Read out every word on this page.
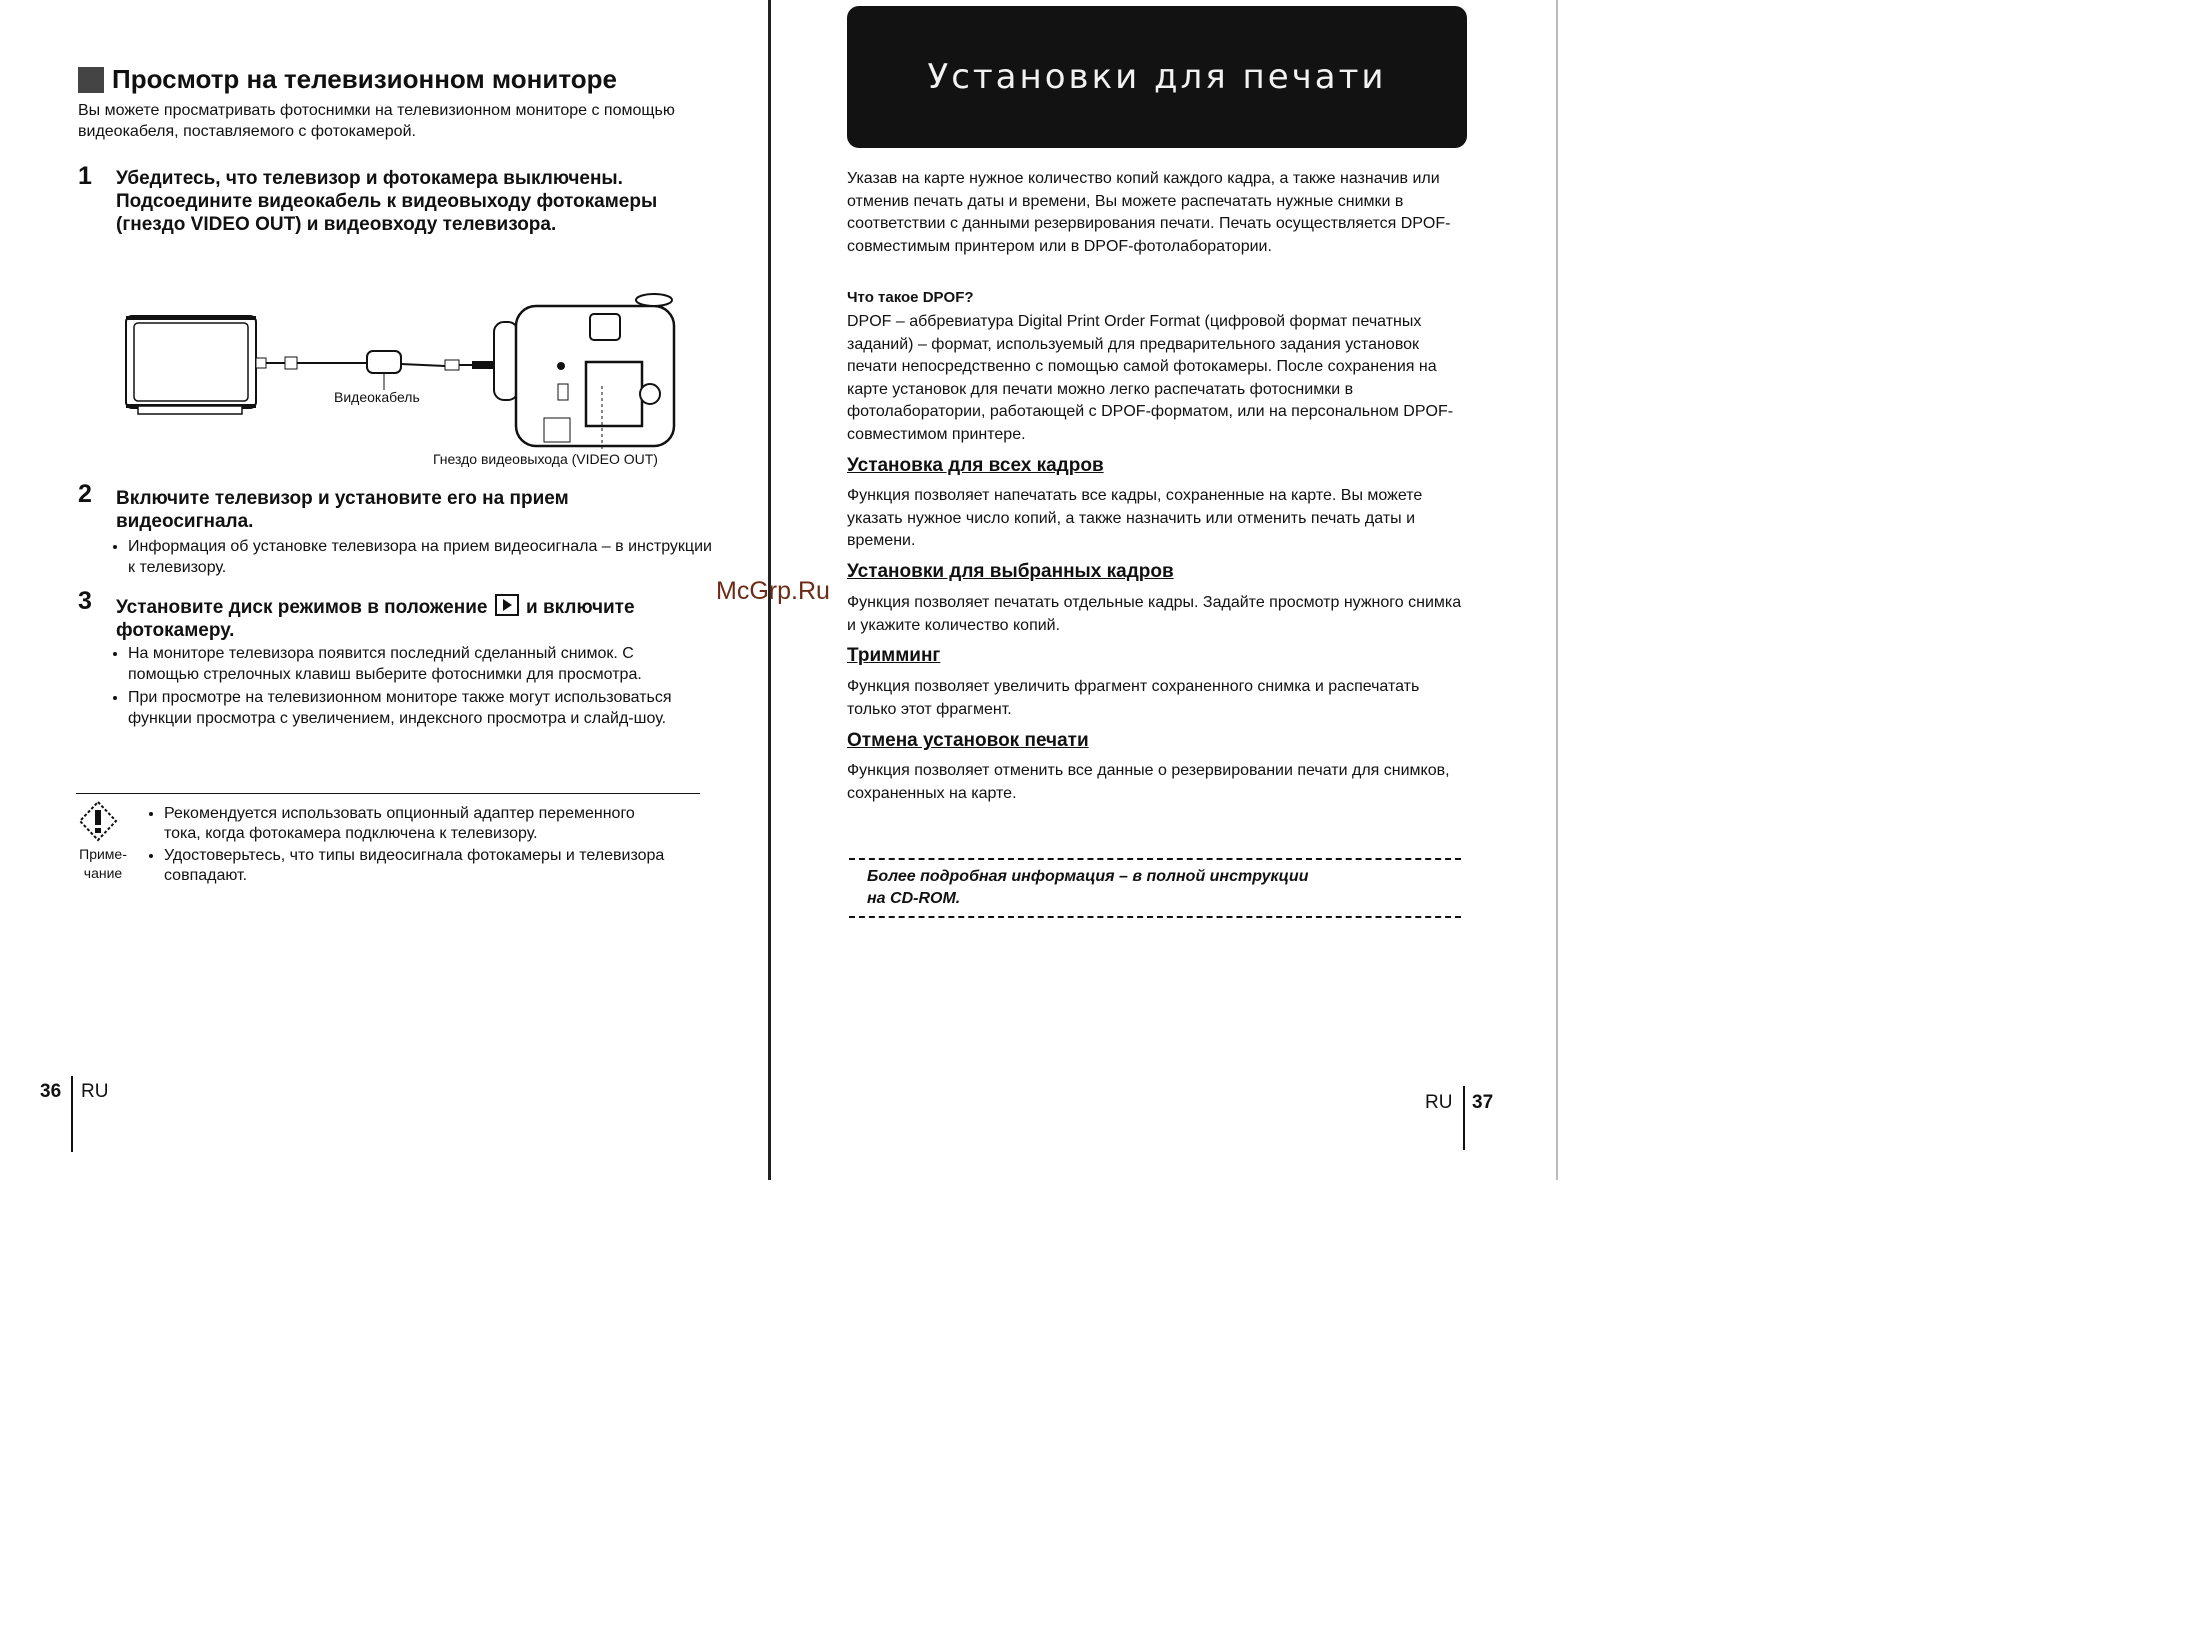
Просмотр на телевизионном мониторе
Вы можете просматривать фотоснимки на телевизионном мониторе с помощью видеокабеля, поставляемого с фотокамерой.
1 Убедитесь, что телевизор и фотокамера выключены. Подсоедините видеокабель к видеовыходу фотокамеры (гнездо VIDEO OUT) и видеовходу телевизора.
Видеокабель
Гнездо видеовыхода (VIDEO OUT)
2 Включите телевизор и установите его на прием видеосигнала.
• Информация об установке телевизора на прием видеосигнала – в инструкции к телевизору.
3 Установите диск режимов в положение и включите фотокамеру.
• На мониторе телевизора появится последний сделанный снимок. С помощью стрелочных клавиш выберите фотоснимки для просмотра.
• При просмотре на телевизионном мониторе также могут использоваться функции просмотра с увеличением, индексного просмотра и слайд-шоу.
Приме-
чание
• Рекомендуется использовать опционный адаптер переменного тока, когда фотокамера подключена к телевизору.
• Удостоверьтесь, что типы видеосигнала фотокамеры и телевизора совпадают.
36 RU
Установки для печати
Указав на карте нужное количество копий каждого кадра, а также назначив или отменив печать даты и времени, Вы можете распечатать нужные снимки в соответствии с данными резервирования печати. Печать осуществляется DPOF-совместимым принтером или в DPOF-фотолаборатории.
Что такое DPOF?
DPOF – аббревиатура Digital Print Order Format (цифровой формат печатных заданий) – формат, используемый для предварительного задания установок печати непосредственно с помощью самой фотокамеры. После сохранения на карте установок для печати можно легко распечатать фотоснимки в фотолаборатории, работающей с DPOF-форматом, или на персональном DPOF-совместимом принтере.
Установка для всех кадров
Функция позволяет напечатать все кадры, сохраненные на карте. Вы можете указать нужное число копий, а также назначить или отменить печать даты и времени.
Установки для выбранных кадров
Функция позволяет печатать отдельные кадры. Задайте просмотр нужного снимка и укажите количество копий.
Тримминг
Функция позволяет увеличить фрагмент сохраненного снимка и распечатать только этот фрагмент.
Отмена установок печати
Функция позволяет отменить все данные о резервировании печати для снимков, сохраненных на карте.
Более подробная информация – в полной инструкции
на CD-ROM.
RU 37
McGrp.Ru
